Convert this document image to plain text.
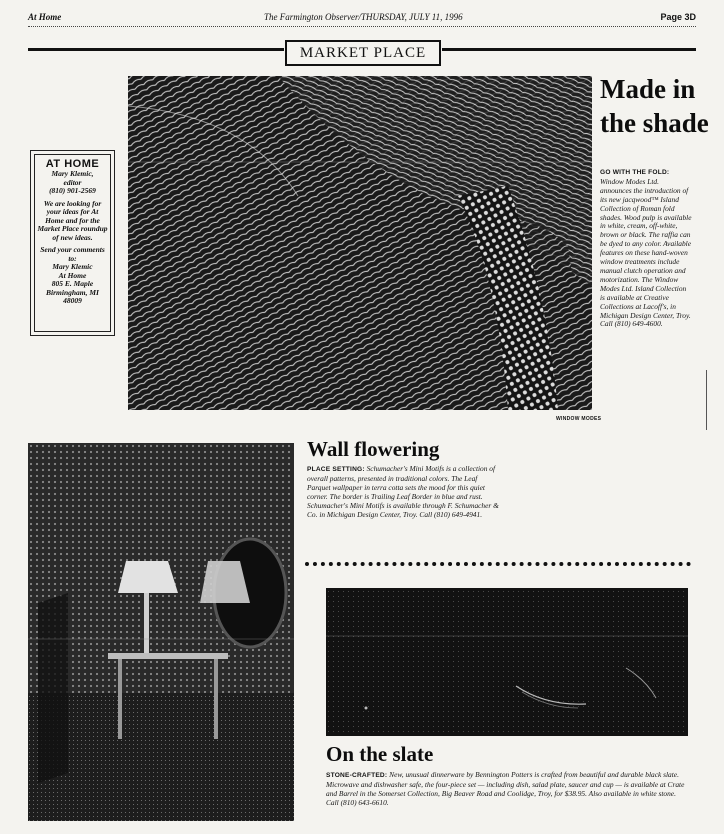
At Home	The Farmington Observer/THURSDAY, JULY 11, 1996	Page 3D
MARKET PLACE
AT HOME
Mary Klemic,
editor
(810) 901-2569

We are looking for your ideas for At Home and for the Market Place roundup of new ideas.

Send your comments to:
Mary Klemic
At Home
805 E. Maple
Birmingham, MI
48009

WINDOW MODES
Made in the shade
GO WITH THE FOLD: Window Modes Ltd. announces the introduction of its new jacqwood™ Island Collection of Roman fold shades. Wood pulp is available in white, cream, off-white, brown or black. The raffia can be dyed to any color. Available features on these hand-woven window treatments include manual clutch operation and motorization. The Window Modes Ltd. Island Collection is available at Creative Collections at Lacoff's, in Michigan Design Center, Troy. Call (810) 649-4600.
Wall flowering
PLACE SETTING: Schumacher's Mini Motifs is a collection of overall patterns, presented in traditional colors. The Leaf Parquet wallpaper in terra cotta sets the mood for this quiet corner. The border is Trailing Leaf Border in blue and rust. Schumacher's Mini Motifs is available through F. Schumacher & Co. in Michigan Design Center, Troy. Call (810) 649-4941.
On the slate
STONE-CRAFTED: New, unusual dinnerware by Bennington Potters is crafted from beautiful and durable black slate. Microwave and dishwasher safe, the four-piece set — including dish, salad plate, saucer and cup — is available at Crate and Barrel in the Somerset Collection, Big Beaver Road and Coolidge, Troy, for $38.95. Also available in white stone. Call (810) 643-6610.
